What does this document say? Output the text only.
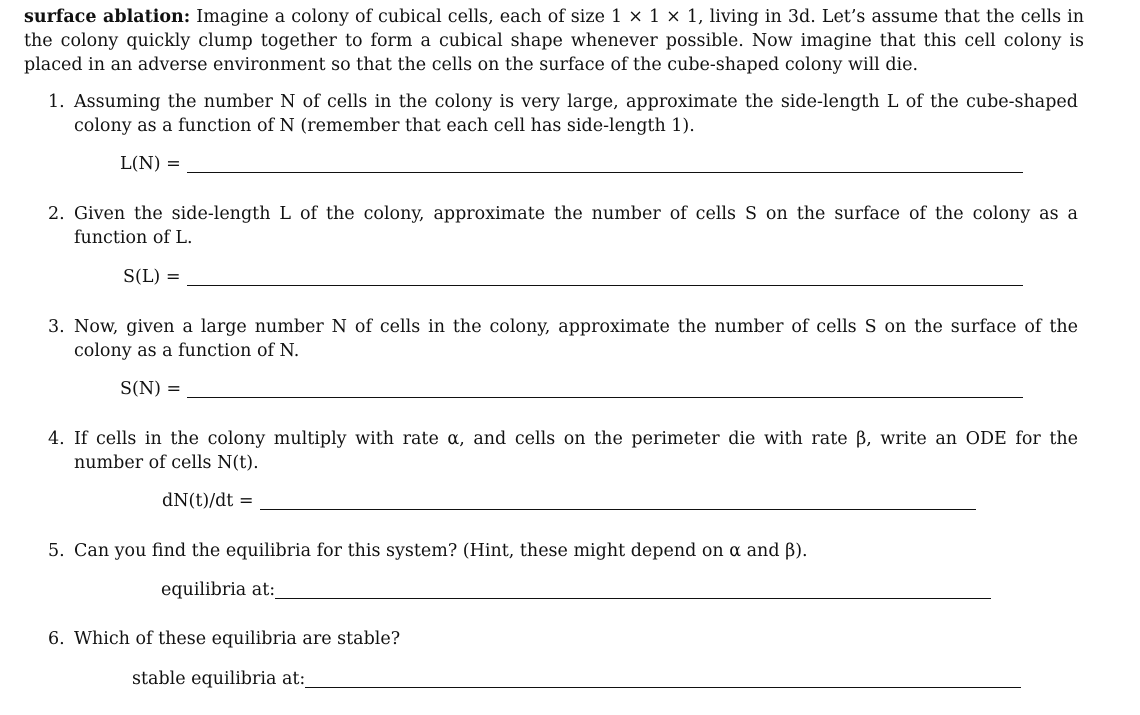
surface ablation: Imagine a colony of cubical cells, each of size 1 × 1 × 1, living in 3d. Let’s assume that the cells in the colony quickly clump together to form a cubical shape whenever possible. Now imagine that this cell colony is placed in an adverse environment so that the cells on the surface of the cube-shaped colony will die.
1. Assuming the number N of cells in the colony is very large, approximate the side-length L of the cube-shaped colony as a function of N (remember that each cell has side-length 1).
L(N) =
2. Given the side-length L of the colony, approximate the number of cells S on the surface of the colony as a function of L.
S(L) =
3. Now, given a large number N of cells in the colony, approximate the number of cells S on the surface of the colony as a function of N.
S(N) =
4. If cells in the colony multiply with rate α, and cells on the perimeter die with rate β, write an ODE for the number of cells N(t).
dN(t)/dt =
5. Can you find the equilibria for this system? (Hint, these might depend on α and β).
equilibria at:
6. Which of these equilibria are stable?
stable equilibria at:
